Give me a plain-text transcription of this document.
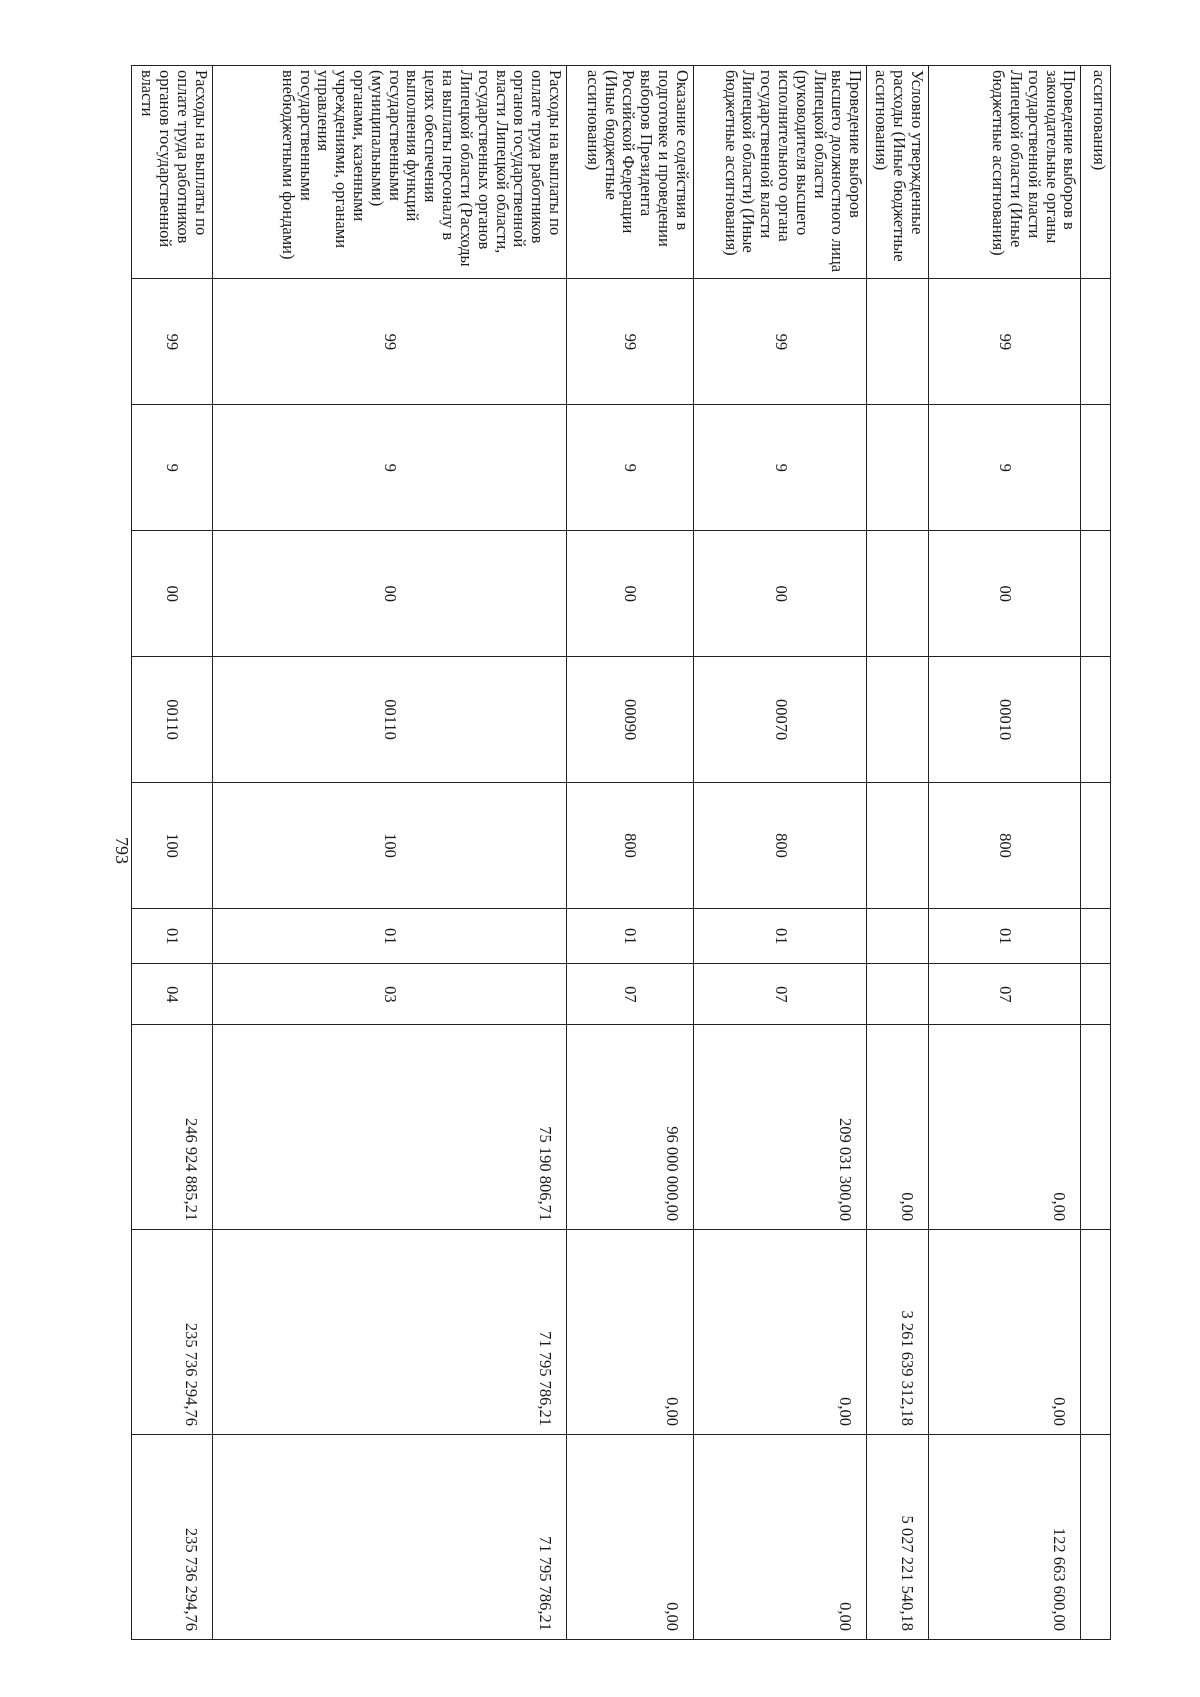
793
ассигнования)										
Проведение выборов в законодательные органы государственной власти Липецкой области (Иные бюджетные ассигнования)	99	9	00	00010	800	01	07	0,00	0,00	122 663 600,00
Условно утвержденные расходы (Иные бюджетные ассигнования)								0,00	3 261 639 312,18	5 027 221 540,18
Проведение выборов высшего должностного лица Липецкой области (руководителя высшего исполнительного органа государственной власти Липецкой области) (Иные бюджетные ассигнования)	99	9	00	00070	800	01	07	209 031 300,00	0,00	0,00
Оказание содействия в подготовке и проведении выборов Президента Российской Федерации (Иные бюджетные ассигнования)	99	9	00	00090	800	01	07	96 000 000,00	0,00	0,00
Расходы на выплаты по оплате труда работников органов государственной власти Липецкой области, государственных органов Липецкой области (Расходы на выплаты персоналу в целях обеспечения выполнения функций государственными (муниципальными) органами, казенными учреждениями, органами управления государственными внебюджетными фондами)	99	9	00	00110	100	01	03	75 190 806,71	71 795 786,21	71 795 786,21
Расходы на выплаты по оплате труда работников органов государственной власти	99	9	00	00110	100	01	04	246 924 885,21	235 736 294,76	235 736 294,76
